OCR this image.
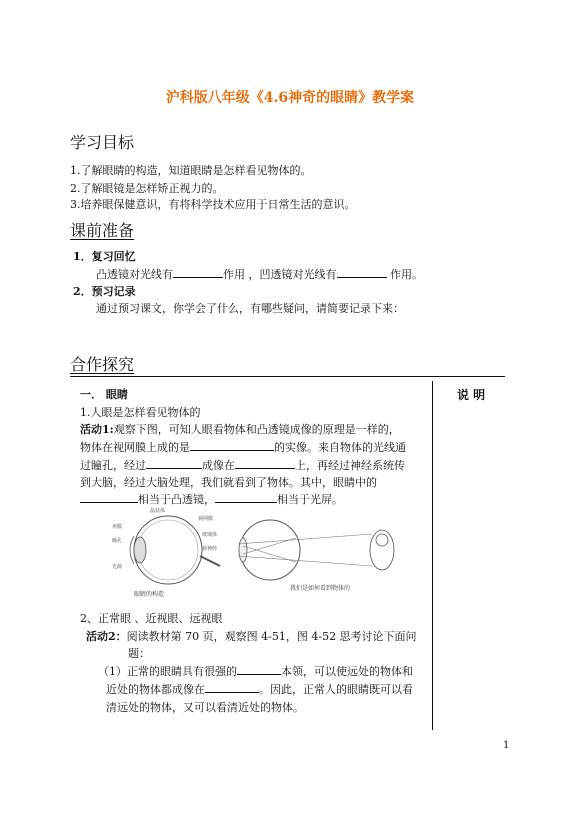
沪科版八年级《4.6神奇的眼睛》教学案
学习目标
1.了解眼睛的构造，知道眼睛是怎样看见物体的。
2.了解眼镜是怎样矫正视力的。
3.培养眼保健意识，有将科学技术应用于日常生活的意识。
课前准备
1．复习回忆
凸透镜对光线有	作用 ，凹透镜对光线有	作用。
2．预习记录
通过预习课文，你学会了什么，有哪些疑问，请简要记录下来：
合作探究
说 明
一． 眼睛
1.人眼是怎样看见物体的
活动1:观察下图，可知人眼看物体和凸透镜成像的原理是一样的，
物体在视网膜上成的是	的实像。来自物体的光线通
过瞳孔，经过	成像在	上，再经过神经系统传
到大脑，经过大脑处理，我们就看到了物体。其中，眼睛中的
相当于凸透镜，	相当于光屏。
晶状体
视网膜
瞳孔
角膜
视神经
玻璃体
光源
眼睛的构造
我们是如何看到物体的
2、正常眼 、近视眼、远视眼
活动2：阅读教材第 70 页，观察图 4-51，图 4-52 思考讨论下面问
题：
（1）正常的眼睛具有很强的	本领，可以使远处的物体和
近处的物体都成像在	。因此，正常人的眼睛既可以看
清远处的物体，又可以看清近处的物体。
1
